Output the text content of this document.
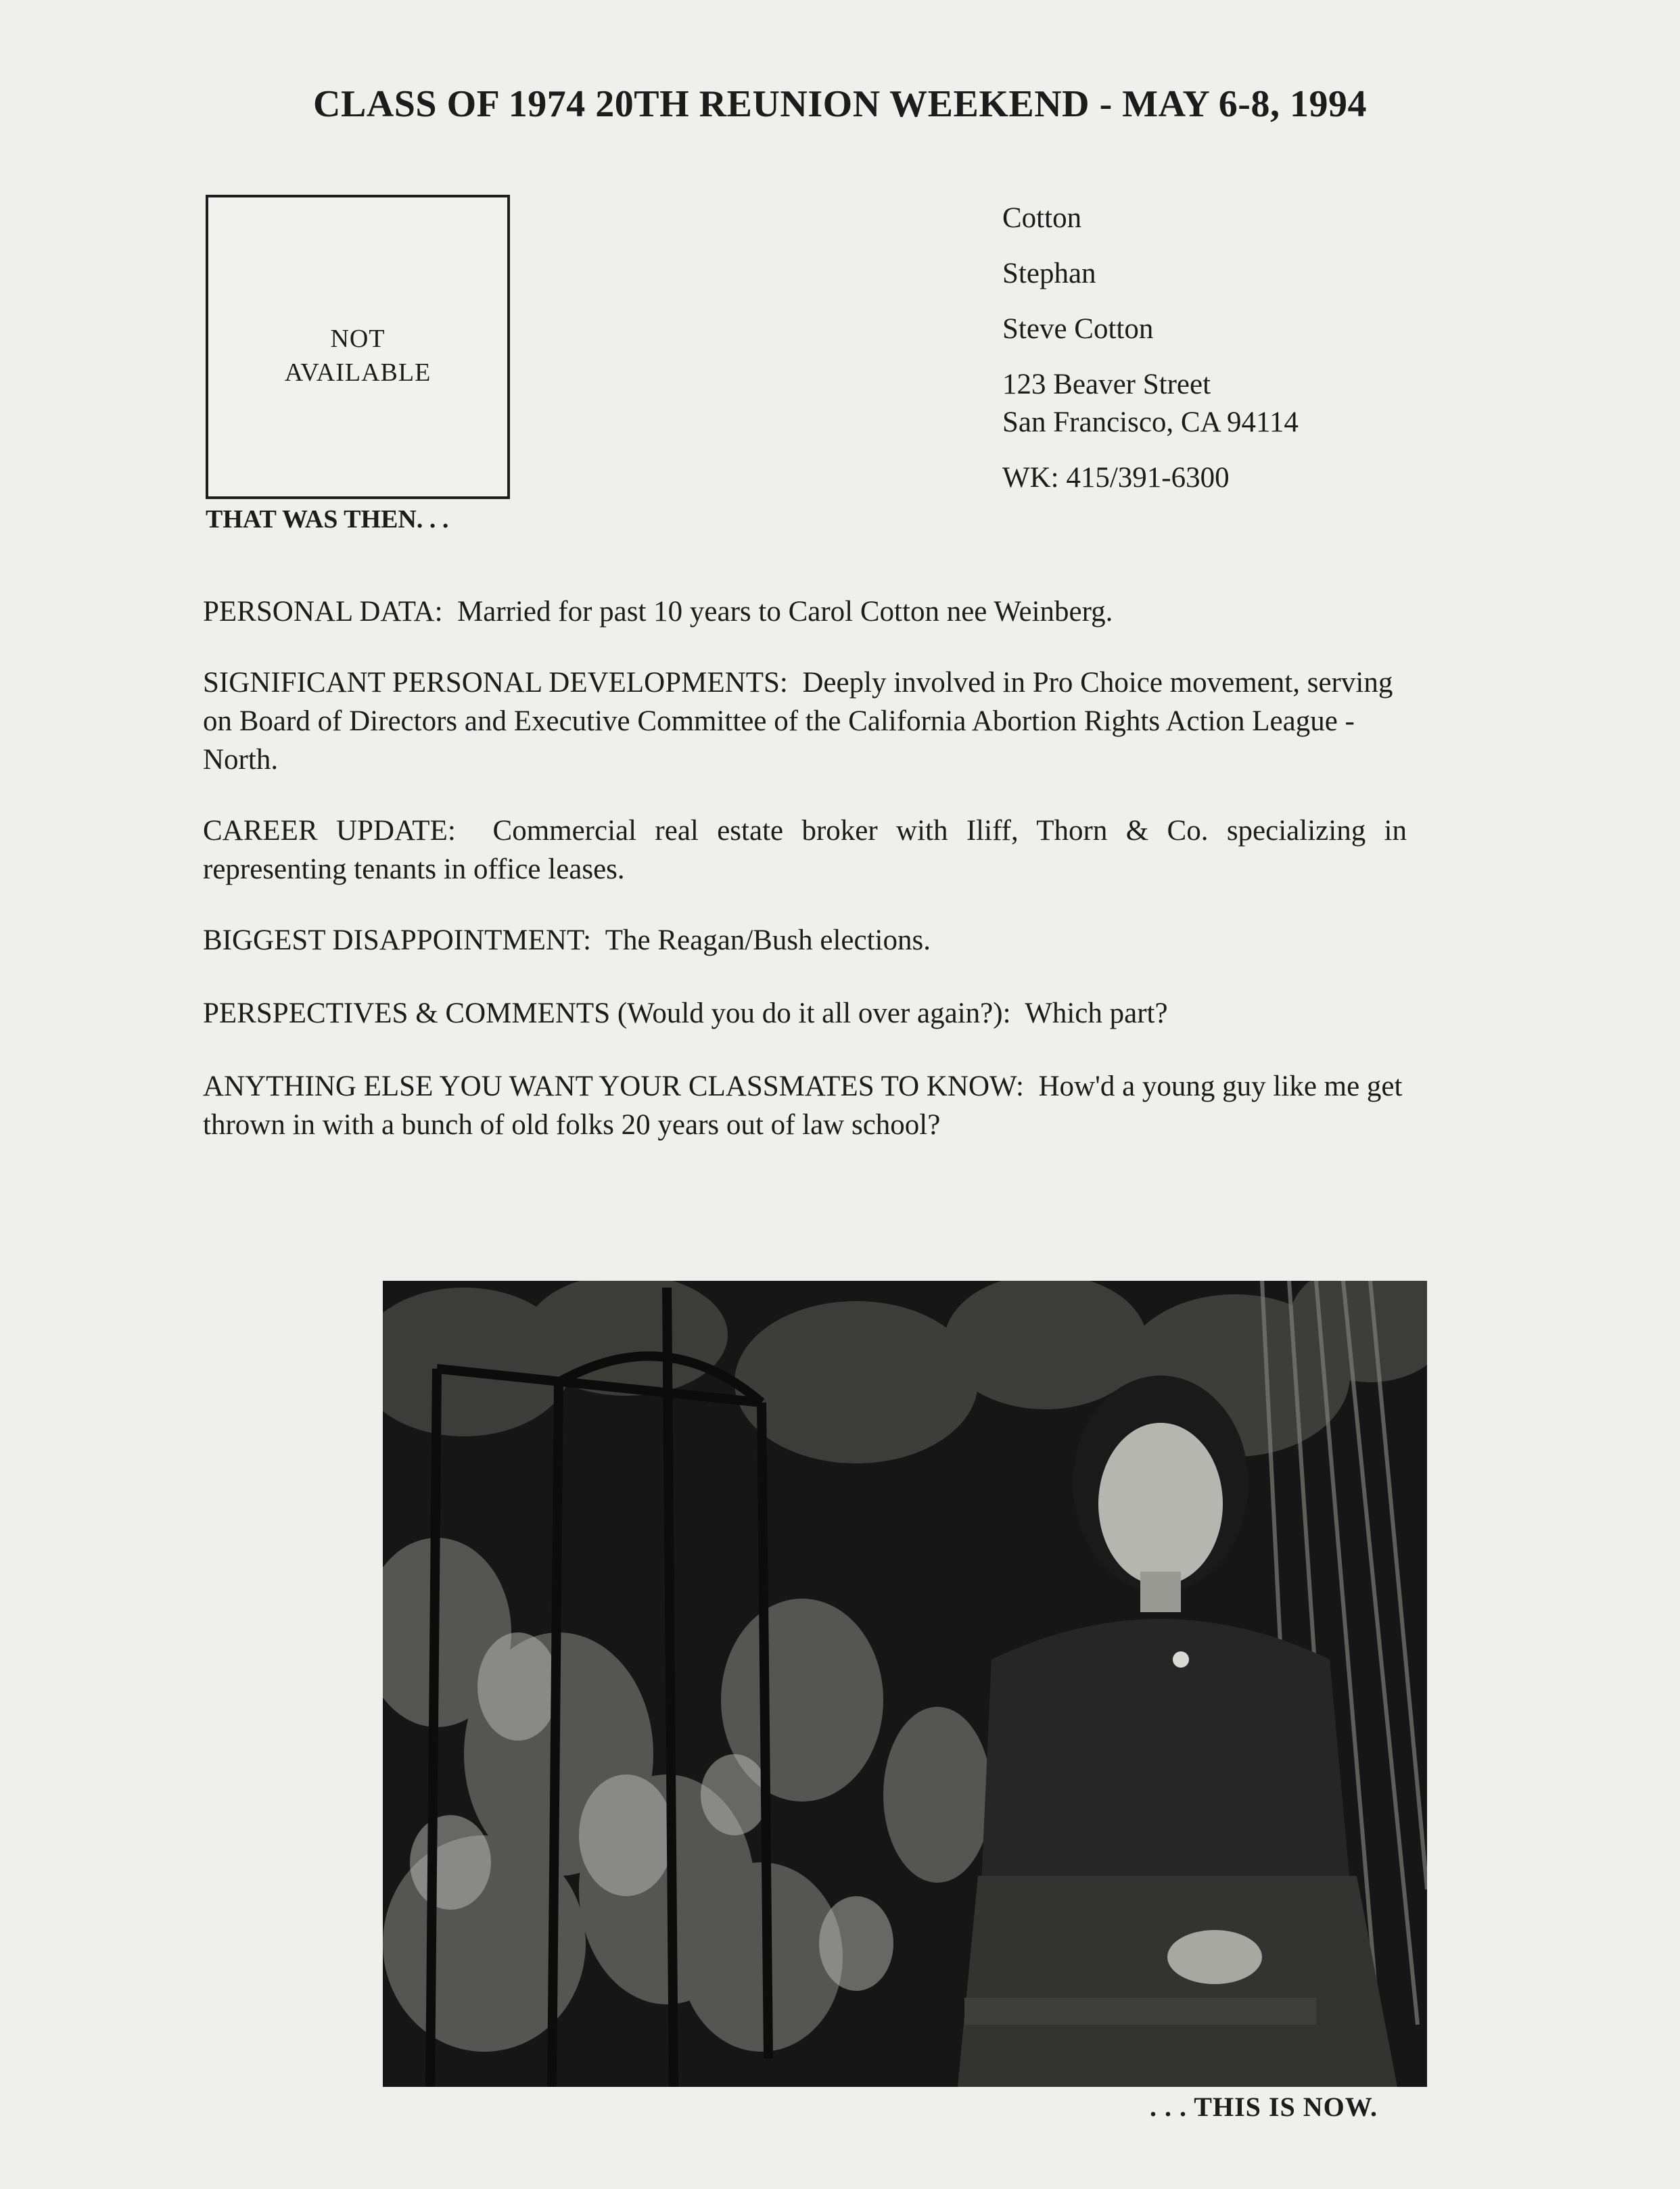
CLASS OF 1974 20TH REUNION WEEKEND - MAY 6-8, 1994
NOT
AVAILABLE
THAT WAS THEN. . .
Cotton
Stephan
Steve Cotton
123 Beaver Street
San Francisco, CA 94114
WK: 415/391-6300
PERSONAL DATA: Married for past 10 years to Carol Cotton nee Weinberg.
SIGNIFICANT PERSONAL DEVELOPMENTS: Deeply involved in Pro Choice movement, serving on Board of Directors and Executive Committee of the California Abortion Rights Action League - North.
CAREER UPDATE: Commercial real estate broker with Iliff, Thorn & Co. specializing in representing tenants in office leases.
BIGGEST DISAPPOINTMENT: The Reagan/Bush elections.
PERSPECTIVES & COMMENTS (Would you do it all over again?): Which part?
ANYTHING ELSE YOU WANT YOUR CLASSMATES TO KNOW: How'd a young guy like me get thrown in with a bunch of old folks 20 years out of law school?
. . . THIS IS NOW.
